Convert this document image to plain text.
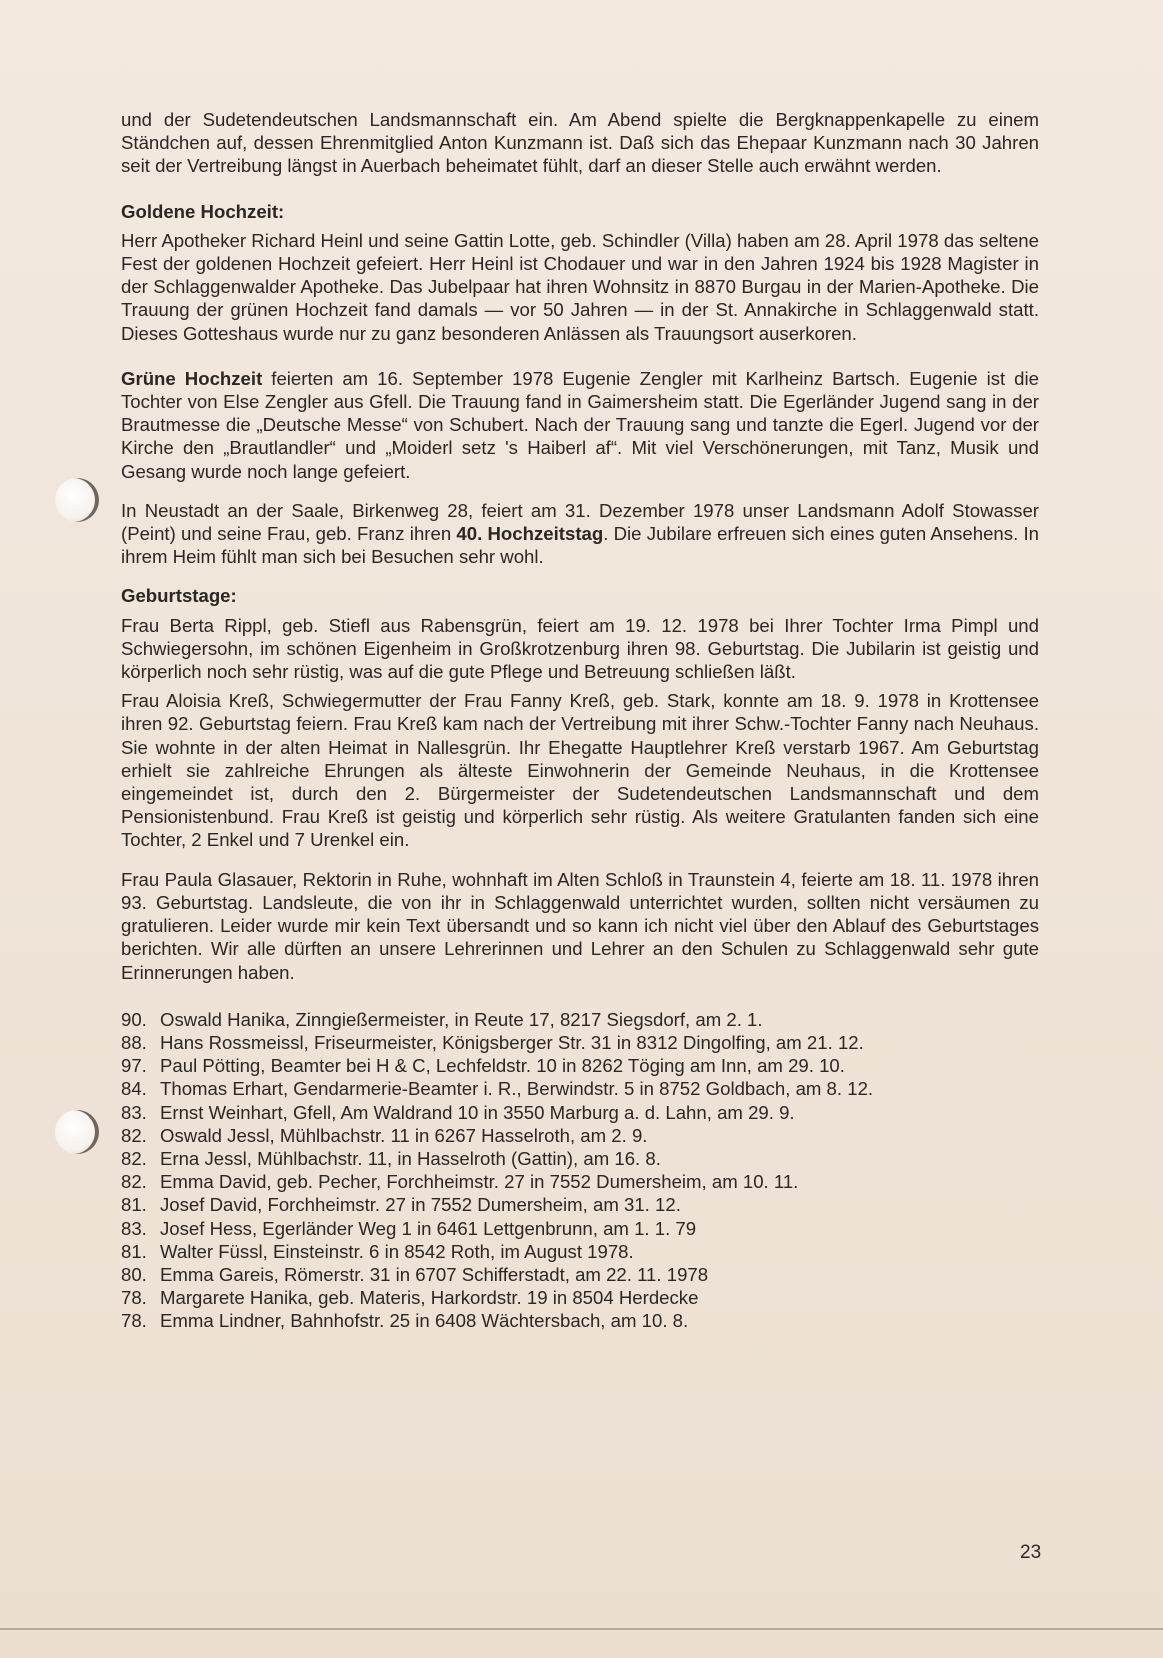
und der Sudetendeutschen Landsmannschaft ein. Am Abend spielte die Bergknappenkapelle zu einem Ständchen auf, dessen Ehrenmitglied Anton Kunzmann ist. Daß sich das Ehepaar Kunzmann nach 30 Jahren seit der Vertreibung längst in Auerbach beheimatet fühlt, darf an dieser Stelle auch erwähnt werden.

Goldene Hochzeit:

Herr Apotheker Richard Heinl und seine Gattin Lotte, geb. Schindler (Villa) haben am 28. April 1978 das seltene Fest der goldenen Hochzeit gefeiert. Herr Heinl ist Chodauer und war in den Jahren 1924 bis 1928 Magister in der Schlaggenwalder Apotheke. Das Jubelpaar hat ihren Wohnsitz in 8870 Burgau in der Marien-Apotheke. Die Trauung der grünen Hochzeit fand damals — vor 50 Jahren — in der St. Annakirche in Schlaggenwald statt. Dieses Gotteshaus wurde nur zu ganz besonderen Anlässen als Trauungsort auserkoren.

Grüne Hochzeit feierten am 16. September 1978 Eugenie Zengler mit Karlheinz Bartsch. Eugenie ist die Tochter von Else Zengler aus Gfell. Die Trauung fand in Gaimersheim statt. Die Egerländer Jugend sang in der Brautmesse die „Deutsche Messe“ von Schubert. Nach der Trauung sang und tanzte die Egerl. Jugend vor der Kirche den „Brautlandler“ und „Moiderl setz 's Haiberl af“. Mit viel Verschönerungen, mit Tanz, Musik und Gesang wurde noch lange gefeiert.

In Neustadt an der Saale, Birkenweg 28, feiert am 31. Dezember 1978 unser Landsmann Adolf Stowasser (Peint) und seine Frau, geb. Franz ihren 40. Hochzeitstag. Die Jubilare erfreuen sich eines guten Ansehens. In ihrem Heim fühlt man sich bei Besuchen sehr wohl.

Geburtstage:

Frau Berta Rippl, geb. Stiefl aus Rabensgrün, feiert am 19. 12. 1978 bei Ihrer Tochter Irma Pimpl und Schwiegersohn, im schönen Eigenheim in Großkrotzenburg ihren 98. Geburtstag. Die Jubilarin ist geistig und körperlich noch sehr rüstig, was auf die gute Pflege und Betreuung schließen läßt.

Frau Aloisia Kreß, Schwiegermutter der Frau Fanny Kreß, geb. Stark, konnte am 18. 9. 1978 in Krottensee ihren 92. Geburtstag feiern. Frau Kreß kam nach der Vertreibung mit ihrer Schw.-Tochter Fanny nach Neuhaus. Sie wohnte in der alten Heimat in Nallesgrün. Ihr Ehegatte Hauptlehrer Kreß verstarb 1967. Am Geburtstag erhielt sie zahlreiche Ehrungen als älteste Einwohnerin der Gemeinde Neuhaus, in die Krottensee eingemeindet ist, durch den 2. Bürgermeister der Sudetendeutschen Landsmannschaft und dem Pensionistenbund. Frau Kreß ist geistig und körperlich sehr rüstig. Als weitere Gratulanten fanden sich eine Tochter, 2 Enkel und 7 Urenkel ein.

Frau Paula Glasauer, Rektorin in Ruhe, wohnhaft im Alten Schloß in Traunstein 4, feierte am 18. 11. 1978 ihren 93. Geburtstag. Landsleute, die von ihr in Schlaggenwald unterrichtet wurden, sollten nicht versäumen zu gratulieren. Leider wurde mir kein Text übersandt und so kann ich nicht viel über den Ablauf des Geburtstages berichten. Wir alle dürften an unsere Lehrerinnen und Lehrer an den Schulen zu Schlaggenwald sehr gute Erinnerungen haben.

90. Oswald Hanika, Zinngießermeister, in Reute 17, 8217 Siegsdorf, am 2. 1.
88. Hans Rossmeissl, Friseurmeister, Königsberger Str. 31 in 8312 Dingolfing, am 21. 12.
97. Paul Pötting, Beamter bei H & C, Lechfeldstr. 10 in 8262 Töging am Inn, am 29. 10.
84. Thomas Erhart, Gendarmerie-Beamter i. R., Berwindstr. 5 in 8752 Goldbach, am 8. 12.
83. Ernst Weinhart, Gfell, Am Waldrand 10 in 3550 Marburg a. d. Lahn, am 29. 9.
82. Oswald Jessl, Mühlbachstr. 11 in 6267 Hasselroth, am 2. 9.
82. Erna Jessl, Mühlbachstr. 11, in Hasselroth (Gattin), am 16. 8.
82. Emma David, geb. Pecher, Forchheimstr. 27 in 7552 Dumersheim, am 10. 11.
81. Josef David, Forchheimstr. 27 in 7552 Dumersheim, am 31. 12.
83. Josef Hess, Egerländer Weg 1 in 6461 Lettgenbrunn, am 1. 1. 79
81. Walter Füssl, Einsteinstr. 6 in 8542 Roth, im August 1978.
80. Emma Gareis, Römerstr. 31 in 6707 Schifferstadt, am 22. 11. 1978
78. Margarete Hanika, geb. Materis, Harkordstr. 19 in 8504 Herdecke
78. Emma Lindner, Bahnhofstr. 25 in 6408 Wächtersbach, am 10. 8.
23
